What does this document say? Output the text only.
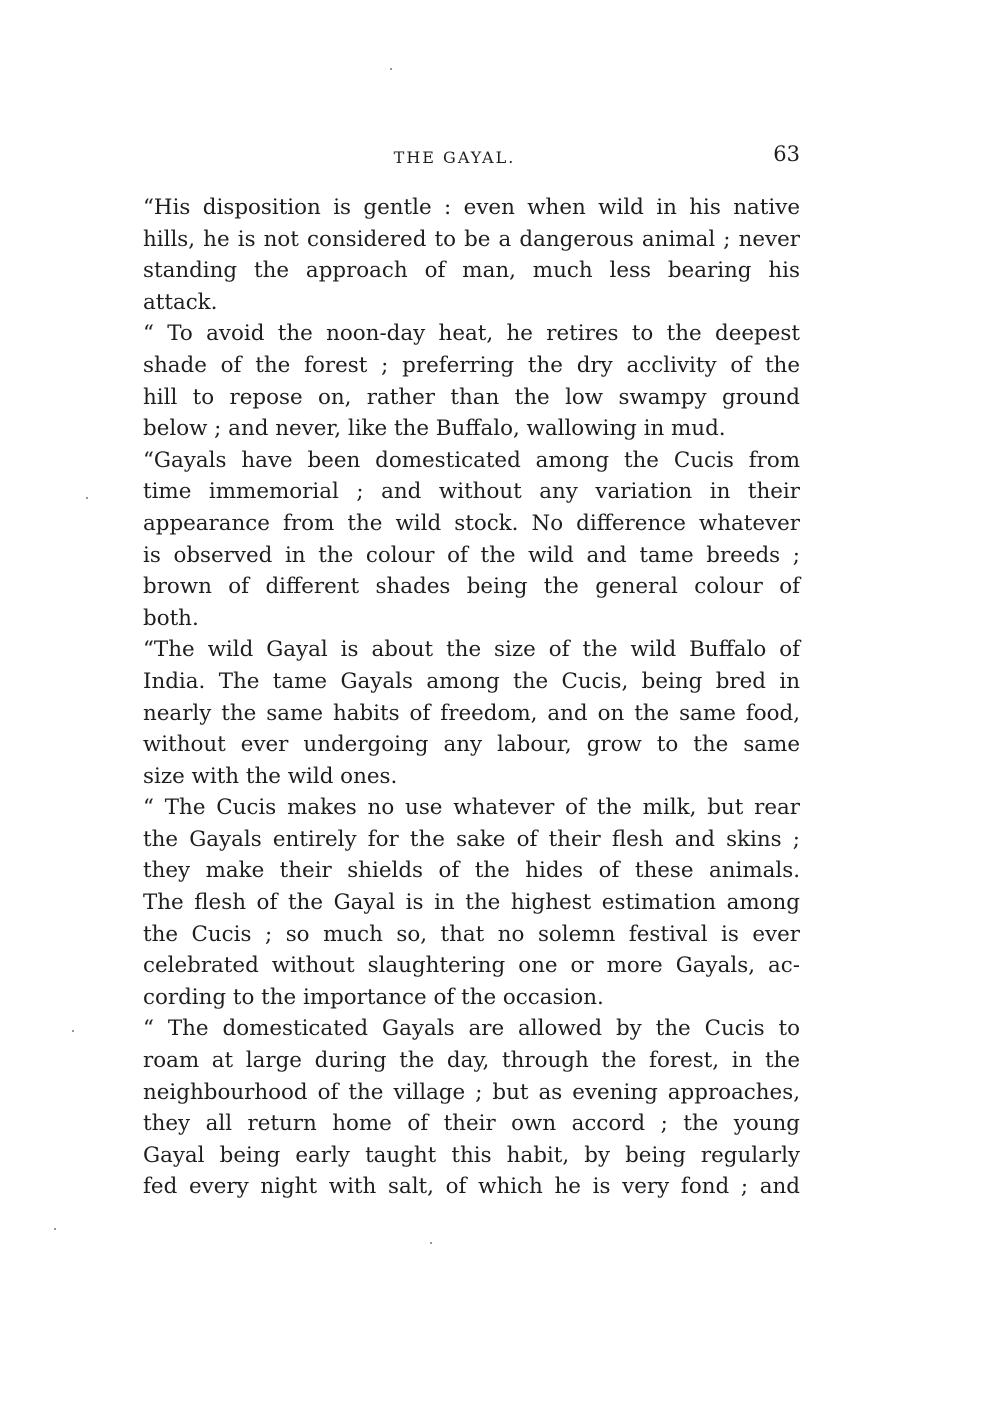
THE GAYAL.	63

“His disposition is gentle : even when wild in his native
hills, he is not considered to be a dangerous animal ; never
standing the approach of man, much less bearing his
attack.

“ To avoid the noon-day heat, he retires to the deepest
shade of the forest ; preferring the dry acclivity of the
hill to repose on, rather than the low swampy ground
below ; and never, like the Buffalo, wallowing in mud.

“Gayals have been domesticated among the Cucis from
time immemorial ; and without any variation in their
appearance from the wild stock. No difference whatever
is observed in the colour of the wild and tame breeds ;
brown of different shades being the general colour of
both.

“The wild Gayal is about the size of the wild Buffalo of
India. The tame Gayals among the Cucis, being bred in
nearly the same habits of freedom, and on the same food,
without ever undergoing any labour, grow to the same
size with the wild ones.

“ The Cucis makes no use whatever of the milk, but rear
the Gayals entirely for the sake of their flesh and skins ;
they make their shields of the hides of these animals.
The flesh of the Gayal is in the highest estimation among
the Cucis ; so much so, that no solemn festival is ever
celebrated without slaughtering one or more Gayals, ac-
cording to the importance of the occasion.

“ The domesticated Gayals are allowed by the Cucis to
roam at large during the day, through the forest, in the
neighbourhood of the village ; but as evening approaches,
they all return home of their own accord ; the young
Gayal being early taught this habit, by being regularly
fed every night with salt, of which he is very fond ; and
